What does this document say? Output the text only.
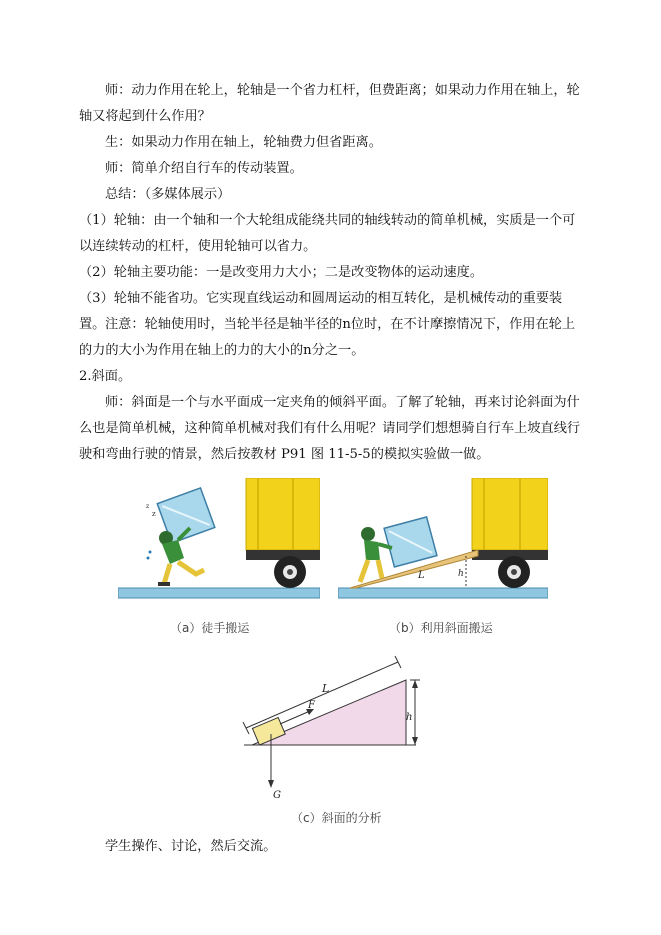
师：动力作用在轮上，轮轴是一个省力杠杆，但费距离；如果动力作用在轴上，轮轴又将起到什么作用？
生：如果动力作用在轴上，轮轴费力但省距离。
师：简单介绍自行车的传动装置。
总结：（多媒体展示）
（1）轮轴：由一个轴和一个大轮组成能绕共同的轴线转动的简单机械，实质是一个可以连续转动的杠杆，使用轮轴可以省力。
（2）轮轴主要功能：一是改变用力大小；二是改变物体的运动速度。
（3）轮轴不能省功。它实现直线运动和圆周运动的相互转化，是机械传动的重要装置。 注意：轮轴使用时，当轮半径是轴半径的n位时，在不计摩擦情况下，作用在轮上的力的大小为作用在轴上的力的大小的n分之一。
2.斜面。
师：斜面是一个与水平面成一定夹角的倾斜平面。了解了轮轴，再来讨论斜面为什么也是简单机械，这种简单机械对我们有什么用呢？请同学们想想骑自行车上坡直线行驶和弯曲行驶的情景，然后按教材 P91 图 11-5-5的模拟实验做一做。
z
z
（a）徒手搬运
h
L
（b）利用斜面搬运
h
L
F
G
（c）斜面的分析
学生操作、讨论，然后交流。
